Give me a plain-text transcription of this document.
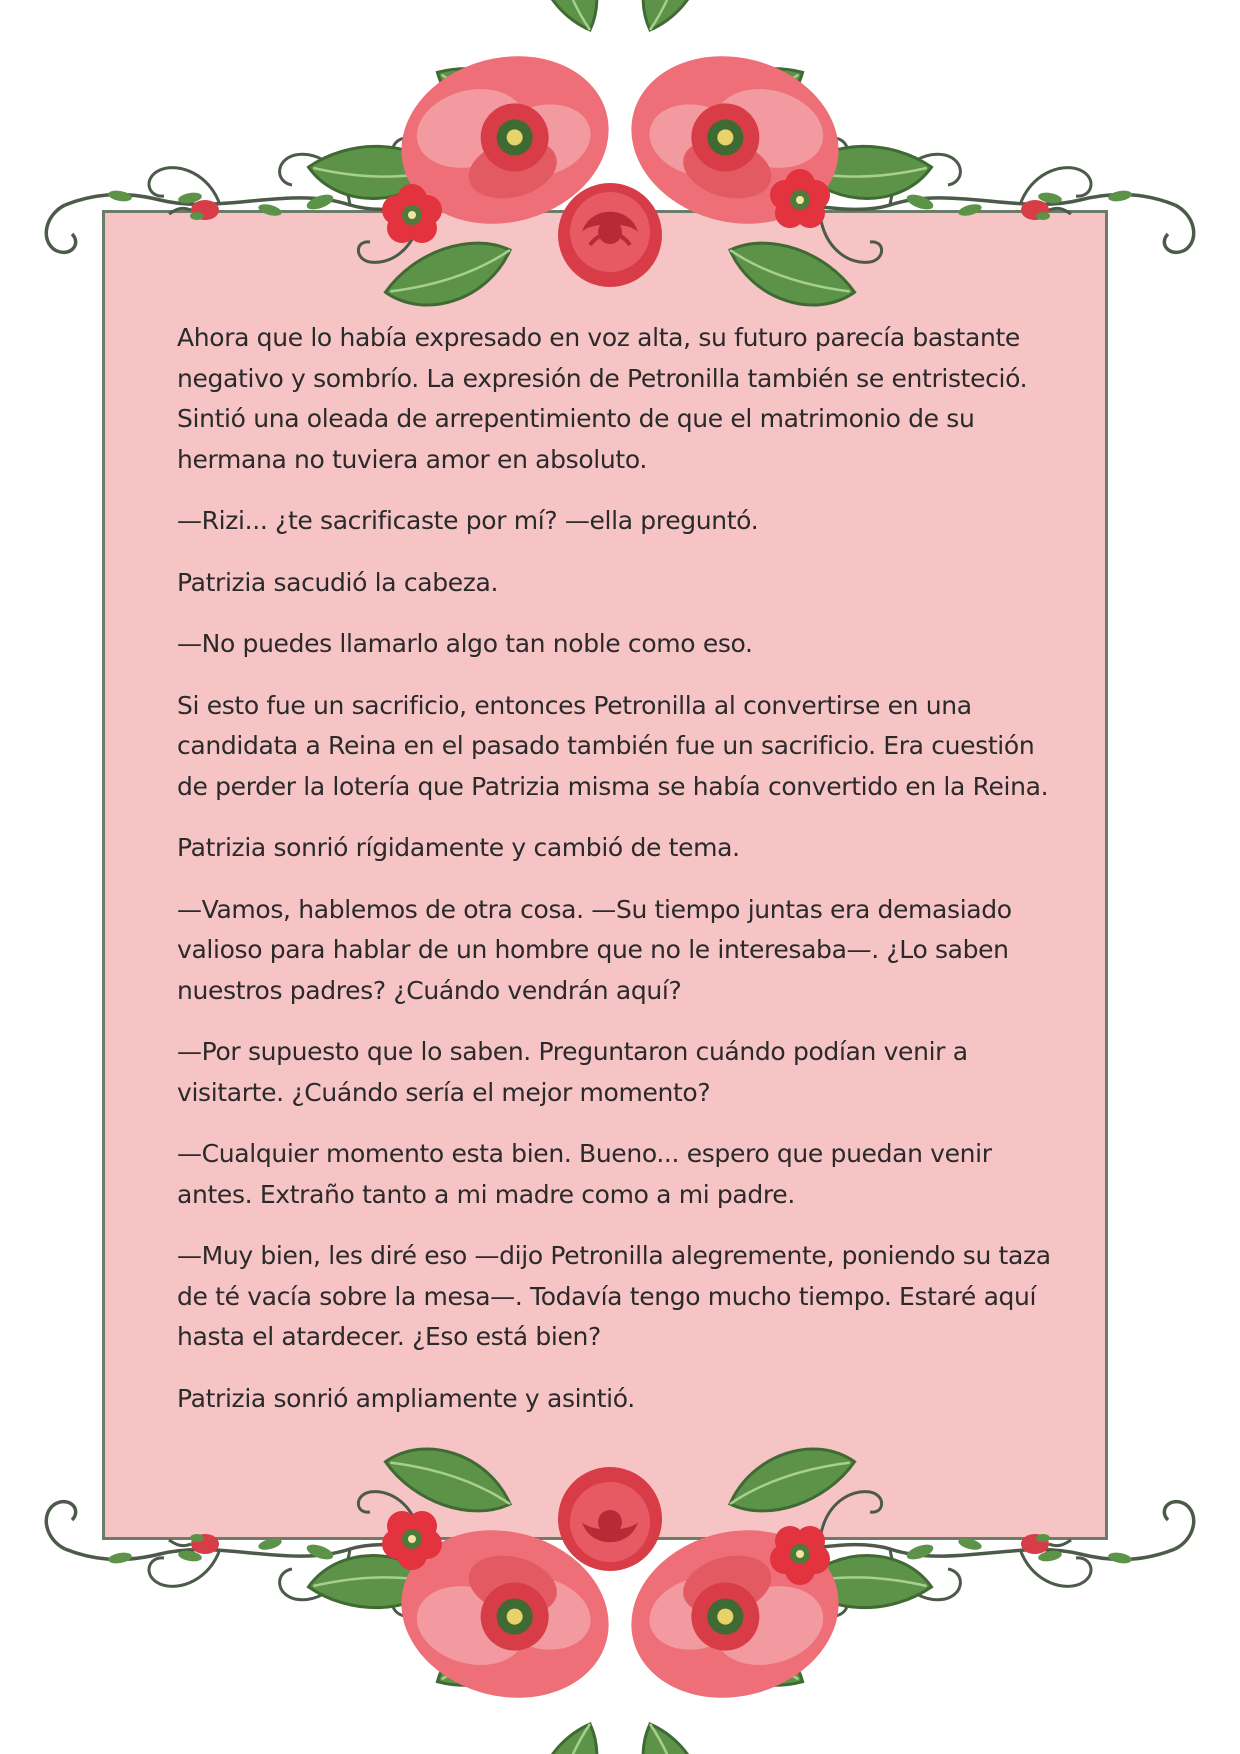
Ahora que lo había expresado en voz alta, su futuro parecía bastante negativo y sombrío. La expresión de Petronilla también se entristeció. Sintió una oleada de arrepentimiento de que el matrimonio de su hermana no tuviera amor en absoluto.

—Rizi... ¿te sacrificaste por mí? —ella preguntó.

Patrizia sacudió la cabeza.

—No puedes llamarlo algo tan noble como eso.

Si esto fue un sacrificio, entonces Petronilla al convertirse en una candidata a Reina en el pasado también fue un sacrificio. Era cuestión de perder la lotería que Patrizia misma se había convertido en la Reina.

Patrizia sonrió rígidamente y cambió de tema.

—Vamos, hablemos de otra cosa. —Su tiempo juntas era demasiado valioso para hablar de un hombre que no le interesaba—. ¿Lo saben nuestros padres? ¿Cuándo vendrán aquí?

—Por supuesto que lo saben. Preguntaron cuándo podían venir a visitarte. ¿Cuándo sería el mejor momento?

—Cualquier momento esta bien. Bueno... espero que puedan venir antes. Extraño tanto a mi madre como a mi padre.

—Muy bien, les diré eso —dijo Petronilla alegremente, poniendo su taza de té vacía sobre la mesa—. Todavía tengo mucho tiempo. Estaré aquí hasta el atardecer. ¿Eso está bien?

Patrizia sonrió ampliamente y asintió.
